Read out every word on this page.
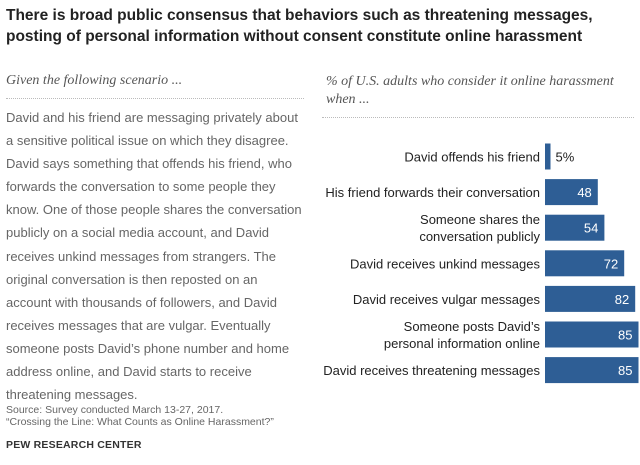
There is broad public consensus that behaviors such as threatening messages, posting of personal information without consent constitute online harassment
Given the following scenario ...
David and his friend are messaging privately about a sensitive political issue on which they disagree. David says something that offends his friend, who forwards the conversation to some people they know. One of those people shares the conversation publicly on a social media account, and David receives unkind messages from strangers. The original conversation is then reposted on an account with thousands of followers, and David receives messages that are vulgar. Eventually someone posts David’s phone number and home address online, and David starts to receive threatening messages.
% of U.S. adults who consider it online harassment when ...
5%
David offends his friend
48
His friend forwards their conversation
54
Someone shares the
conversation publicly
72
David receives unkind messages
82
David receives vulgar messages
85
Someone posts David’s
personal information online
85
David receives threatening messages
Source: Survey conducted March 13-27, 2017.
“Crossing the Line: What Counts as Online Harassment?”
PEW RESEARCH CENTER
